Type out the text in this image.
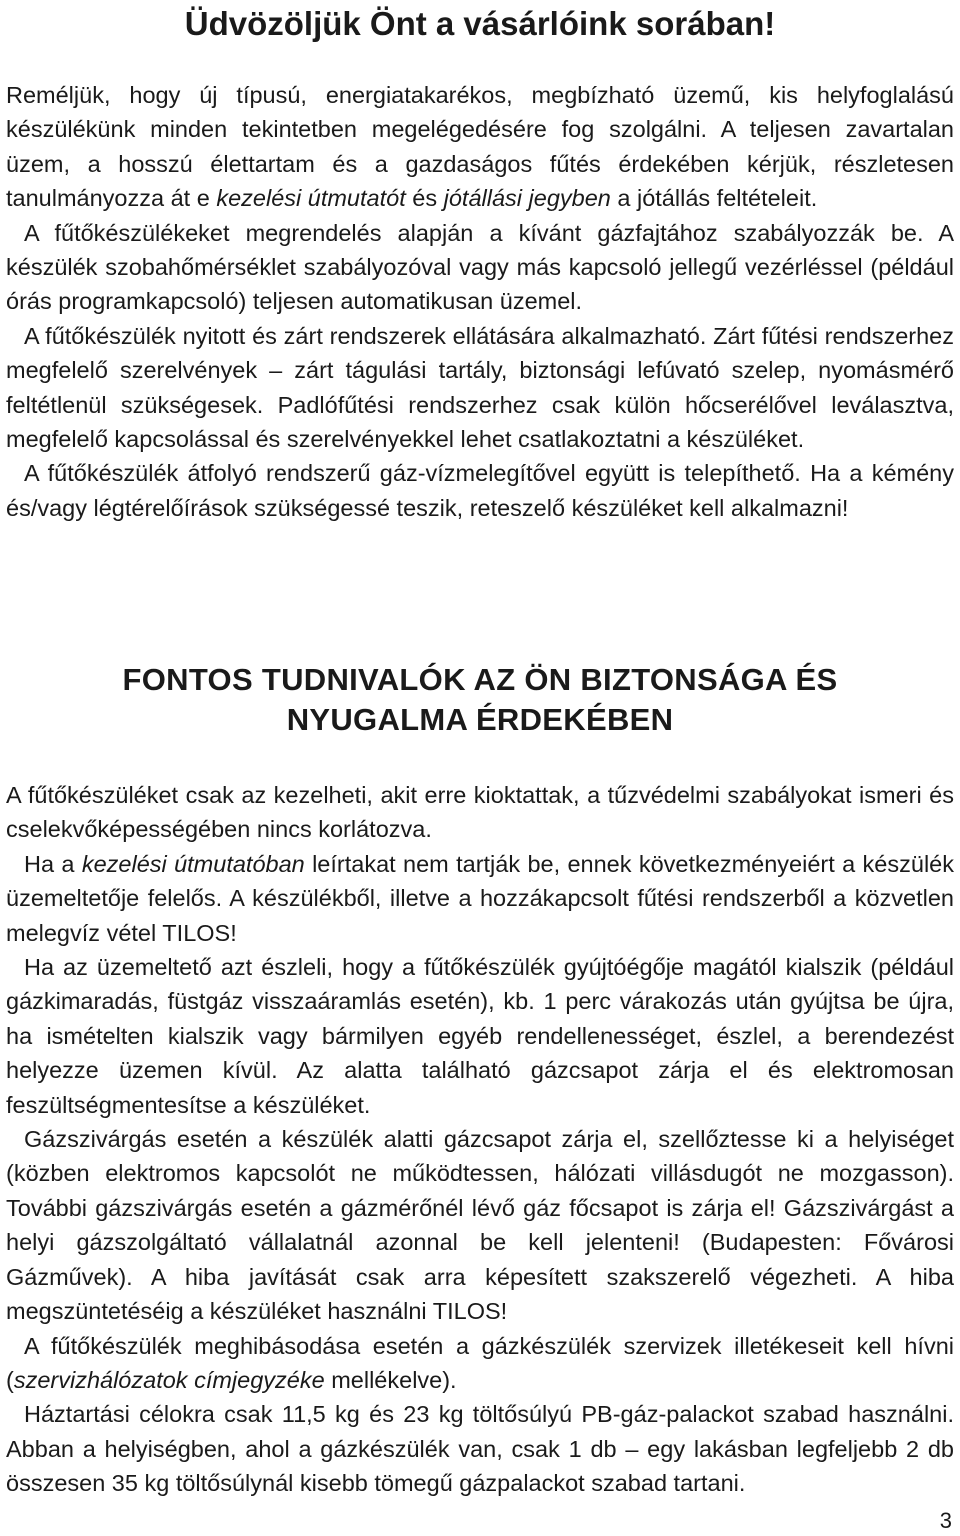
Üdvözöljük Önt a vásárlóink sorában!

Reméljük, hogy új típusú, energiatakarékos, megbízható üzemű, kis helyfoglalású készülékünk minden tekintetben megelégedésére fog szolgálni. A teljesen zavartalan üzem, a hosszú élettartam és a gazdaságos fűtés érdekében kérjük, részletesen tanulmányozza át e kezelési útmutatót és jótállási jegyben a jótállás feltételeit.

A fűtőkészülékeket megrendelés alapján a kívánt gázfajtához szabályozzák be. A készülék szobahőmérséklet szabályozóval vagy más kapcsoló jellegű vezérléssel (például órás programkapcsoló) teljesen automatikusan üzemel.

A fűtőkészülék nyitott és zárt rendszerek ellátására alkalmazható. Zárt fűtési rendszerhez megfelelő szerelvények – zárt tágulási tartály, biztonsági lefúvató szelep, nyomásmérő feltétlenül szükségesek. Padlófűtési rendszerhez csak külön hőcserélővel leválasztva, megfelelő kapcsolással és szerelvényekkel lehet csatlakoztatni a készüléket.

A fűtőkészülék átfolyó rendszerű gáz-vízmelegítővel együtt is telepíthető. Ha a kémény és/vagy légtérelőírások szükségessé teszik, reteszelő készüléket kell alkalmazni!

FONTOS TUDNIVALÓK AZ ÖN BIZTONSÁGA ÉS
NYUGALMA ÉRDEKÉBEN

A fűtőkészüléket csak az kezelheti, akit erre kioktattak, a tűzvédelmi szabályokat ismeri és cselekvőképességében nincs korlátozva.

Ha a kezelési útmutatóban leírtakat nem tartják be, ennek következményeiért a készülék üzemeltetője felelős. A készülékből, illetve a hozzákapcsolt fűtési rendszerből a közvetlen melegvíz vétel TILOS!

Ha az üzemeltető azt észleli, hogy a fűtőkészülék gyújtóégője magától kialszik (például gázkimaradás, füstgáz visszaáramlás esetén), kb. 1 perc várakozás után gyújtsa be újra, ha ismételten kialszik vagy bármilyen egyéb rendellenességet, észlel, a berendezést helyezze üzemen kívül. Az alatta található gázcsapot zárja el és elektromosan feszültségmentesítse a készüléket.

Gázszivárgás esetén a készülék alatti gázcsapot zárja el, szellőztesse ki a helyiséget (közben elektromos kapcsolót ne működtessen, hálózati villásdugót ne mozgasson). További gázszivárgás esetén a gázmérőnél lévő gáz főcsapot is zárja el! Gázszivárgást a helyi gázszolgáltató vállalatnál azonnal be kell jelenteni! (Budapesten: Fővárosi Gázművek). A hiba javítását csak arra képesített szakszerelő végezheti. A hiba megszüntetéséig a készüléket használni TILOS!

A fűtőkészülék meghibásodása esetén a gázkészülék szervizek illetékeseit kell hívni (szervizhálózatok címjegyzéke mellékelve).

Háztartási célokra csak 11,5 kg és 23 kg töltősúlyú PB-gáz-palackot szabad használni. Abban a helyiségben, ahol a gázkészülék van, csak 1 db – egy lakásban legfeljebb 2 db összesen 35 kg töltősúlynál kisebb tömegű gázpalackot szabad tartani.

3
